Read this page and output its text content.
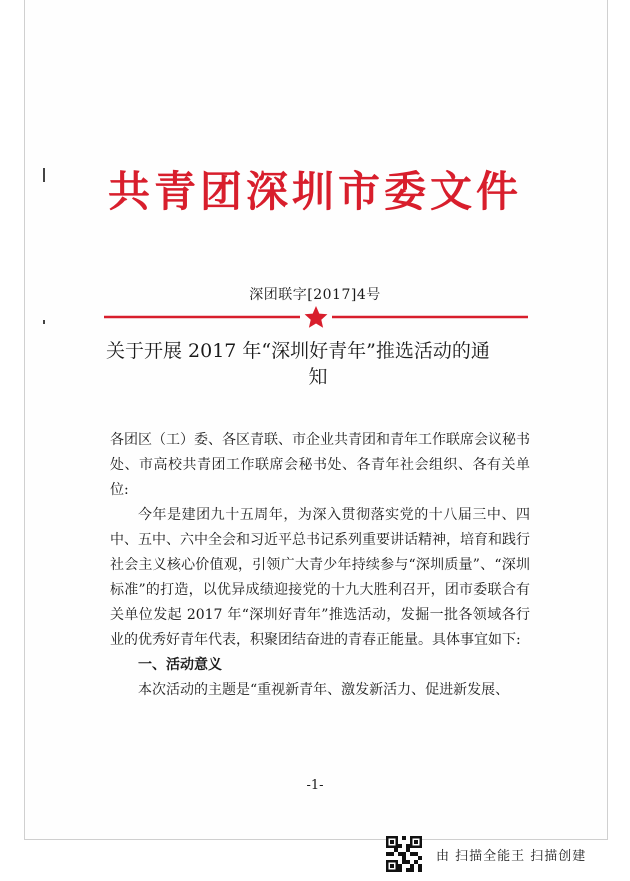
共青团深圳市委文件
深团联字[2017]4号
关于开展 2017 年“深圳好青年”推选活动的通
知

各团区（工）委、各区青联、市企业共青团和青年工作联席会议秘书处、市高校共青团工作联席会秘书处、各青年社会组织、各有关单位:

今年是建团九十五周年，为深入贯彻落实党的十八届三中、四中、五中、六中全会和习近平总书记系列重要讲话精神，培育和践行社会主义核心价值观，引领广大青少年持续参与“深圳质量”、“深圳标准”的打造，以优异成绩迎接党的十九大胜利召开，团市委联合有关单位发起 2017 年“深圳好青年”推选活动，发掘一批各领域各行业的优秀好青年代表，积聚团结奋进的青春正能量。具体事宜如下:

一、活动意义

本次活动的主题是“重视新青年、激发新活力、促进新发展、

-1-
由 扫描全能王 扫描创建
